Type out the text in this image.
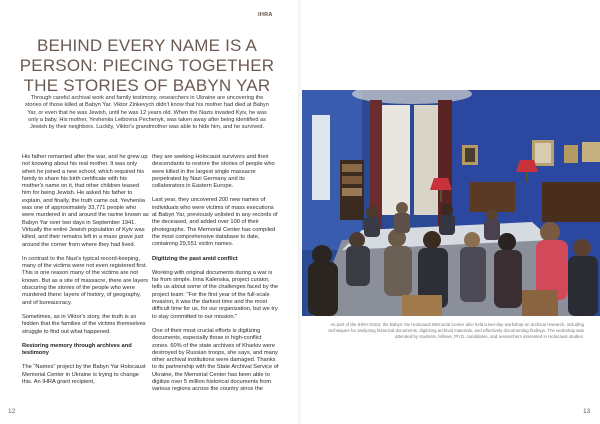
IHRA
BEHIND EVERY NAME IS A PERSON: PIECING TOGETHER THE STORIES OF BABYN YAR
Through careful archival work and family testimony, researchers in Ukraine are uncovering the stories of those killed at Babyn Yar. Viktor Zinkevych didn't know that his mother had died at Babyn Yar, or even that he was Jewish, until he was 12 years old. When the Nazis invaded Kyiv, he was only a baby. His mother, Yevheniia Leibovna Pechenyk, was taken away after being identified as Jewish by their neighbors. Luckily, Viktor's grandmother was able to hide him, and he survived.

His father remarried after the war, and he grew up not knowing about his real mother. It was only when he joined a new school, which required his family to share his birth certificate with his mother's name on it, that other children teased him for being Jewish. He asked his father to explain, and finally, the truth came out. Yevheniia was one of approximately 33,771 people who were murdered in and around the ravine known as Babyn Yar over two days in September 1941. Virtually the entire Jewish population of Kyiv was killed, and their remains left in a mass grave just around the corner from where they had lived.

In contrast to the Nazi's typical record-keeping, many of the victims were not even registered first. This is one reason many of the victims are not known. But as a site of massacre, there are layers obscuring the stories of the people who were murdered there: layers of history, of geography, and of bureaucracy.

Sometimes, as in Viktor's story, the truth is so hidden that the families of the victims themselves struggle to find out what happened.

Restoring memory through archives and testimony

The "Names" project by the Babyn Yar Holocaust Memorial Center in Ukraine is trying to change this. An IHRA grant recipient,

they are seeking Holocaust survivors and their descendants to restore the stories of people who were killed in the largest single massacre perpetrated by Nazi Germany and its collaborators in Eastern Europe.

Last year, they uncovered 200 new names of individuals who were victims of mass executions at Babyn Yar, previously unlisted in any records of the deceased, and added over 100 of their photographs. The Memorial Center has compiled the most comprehensive database to date, containing 29,551 victim names.

Digitizing the past amid conflict

Working with original documents during a war is far from simple. Inna Kalenska, project curator, tells us about some of the challenges faced by the project team: "For the first year of the full-scale invasion, it was the darkest time and the most difficult time for us, for our organization, but we try to stay committed to our mission."

One of their most crucial efforts is digitizing documents, especially those in high-conflict zones. 60% of the state archives of Kharkiv were destroyed by Russian troops, she says, and many other archival institutions were damaged. Thanks to its partnership with the State Archival Service of Ukraine, the Memorial Center has been able to digitize over 5 million historical documents from various regions across the country since the

As part of the IHRA Grant, the Babyn Yar Holocaust Memorial Center also held a two-day workshop on archival research, including techniques for analyzing historical documents, digitizing archival materials, and effectively documenting findings. The workshop was attended by students, fellows, Ph.D. candidates, and researchers interested in Holocaust studies.
12	13
